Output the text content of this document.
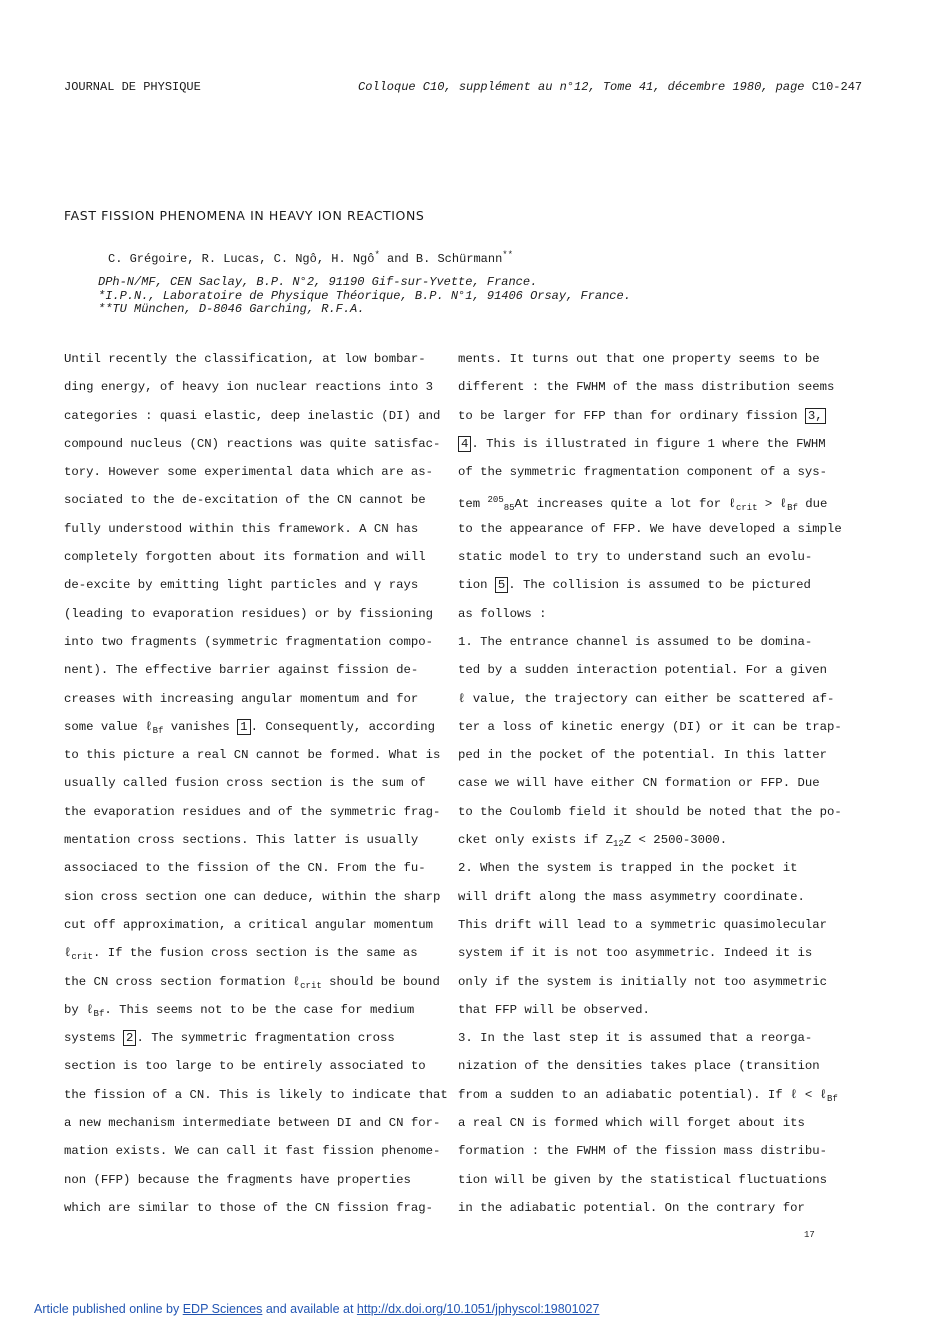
JOURNAL DE PHYSIQUE	Colloque C10, supplément au n°12, Tome 41, décembre 1980, page C10-247
FAST FISSION PHENOMENA IN HEAVY ION REACTIONS
C. Grégoire, R. Lucas, C. Ngô, H. Ngô* and B. Schürmann**
DPh-N/MF, CEN Saclay, B.P. N°2, 91190 Gif-sur-Yvette, France.
*I.P.N., Laboratoire de Physique Théorique, B.P. N°1, 91406 Orsay, France.
**TU München, D-8046 Garching, R.F.A.
Until recently the classification, at low bombar-
ding energy, of heavy ion nuclear reactions into 3
categories : quasi elastic, deep inelastic (DI) and
compound nucleus (CN) reactions was quite satisfac-
tory. However some experimental data which are as-
sociated to the de-excitation of the CN cannot be
fully understood within this framework. A CN has
completely forgotten about its formation and will
de-excite by emitting light particles and γ rays
(leading to evaporation residues) or by fissioning
into two fragments (symmetric fragmentation compo-
nent). The effective barrier against fission de-
creases with increasing angular momentum and for
some value ℓ$_{Bf}$ vanishes 1 . Consequently, according
to this picture a real CN cannot be formed. What is
usually called fusion cross section is the sum of
the evaporation residues and of the symmetric frag-
mentation cross sections. This latter is usually
associaced to the fission of the CN. From the fu-
sion cross section one can deduce, within the sharp
cut off approximation, a critical angular momentum
ℓ$_{crit}$. If the fusion cross section is the same as
the CN cross section formation ℓ$_{crit}$ should be bound
by ℓ$_{Bf}$. This seems not to be the case for medium
systems 2 . The symmetric fragmentation cross
section is too large to be entirely associated to
the fission of a CN. This is likely to indicate that
a new mechanism intermediate between DI and CN for-
mation exists. We can call it fast fission phenome-
non (FFP) because the fragments have properties
which are similar to those of the CN fission frag-
ments. It turns out that one property seems to be
different : the FWHM of the mass distribution seems
to be larger for FFP than for ordinary fission 3,
4 . This is illustrated in figure 1 where the FWHM
of the symmetric fragmentation component of a sys-
tem $^{205}_{85}$At increases quite a lot for ℓ$_{crit}$ > ℓ$_{Bf}$ due
to the appearance of FFP. We have developed a simple
static model to try to understand such an evolu-
tion 5 . The collision is assumed to be pictured
as follows :
1. The entrance channel is assumed to be domina-
ted by a sudden interaction potential. For a given
ℓ value, the trajectory can either be scattered af-
ter a loss of kinetic energy (DI) or it can be trap-
ped in the pocket of the potential. In this latter
case we will have either CN formation or FFP. Due
to the Coulomb field it should be noted that the po-
cket only exists if $Z_{12}Z < 2500-3000$.
2. When the system is trapped in the pocket it
will drift along the mass asymmetry coordinate.
This drift will lead to a symmetric quasimolecular
system if it is not too asymmetric. Indeed it is
only if the system is initially not too asymmetric
that FFP will be observed.
3. In the last step it is assumed that a reorga-
nization of the densities takes place (transition
from a sudden to an adiabatic potential). If ℓ < ℓ$_{Bf}$
a real CN is formed which will forget about its
formation : the FWHM of the fission mass distribu-
tion will be given by the statistical fluctuations
in the adiabatic potential. On the contrary for
17
Article published online by EDP Sciences and available at http://dx.doi.org/10.1051/jphyscol:19801027
